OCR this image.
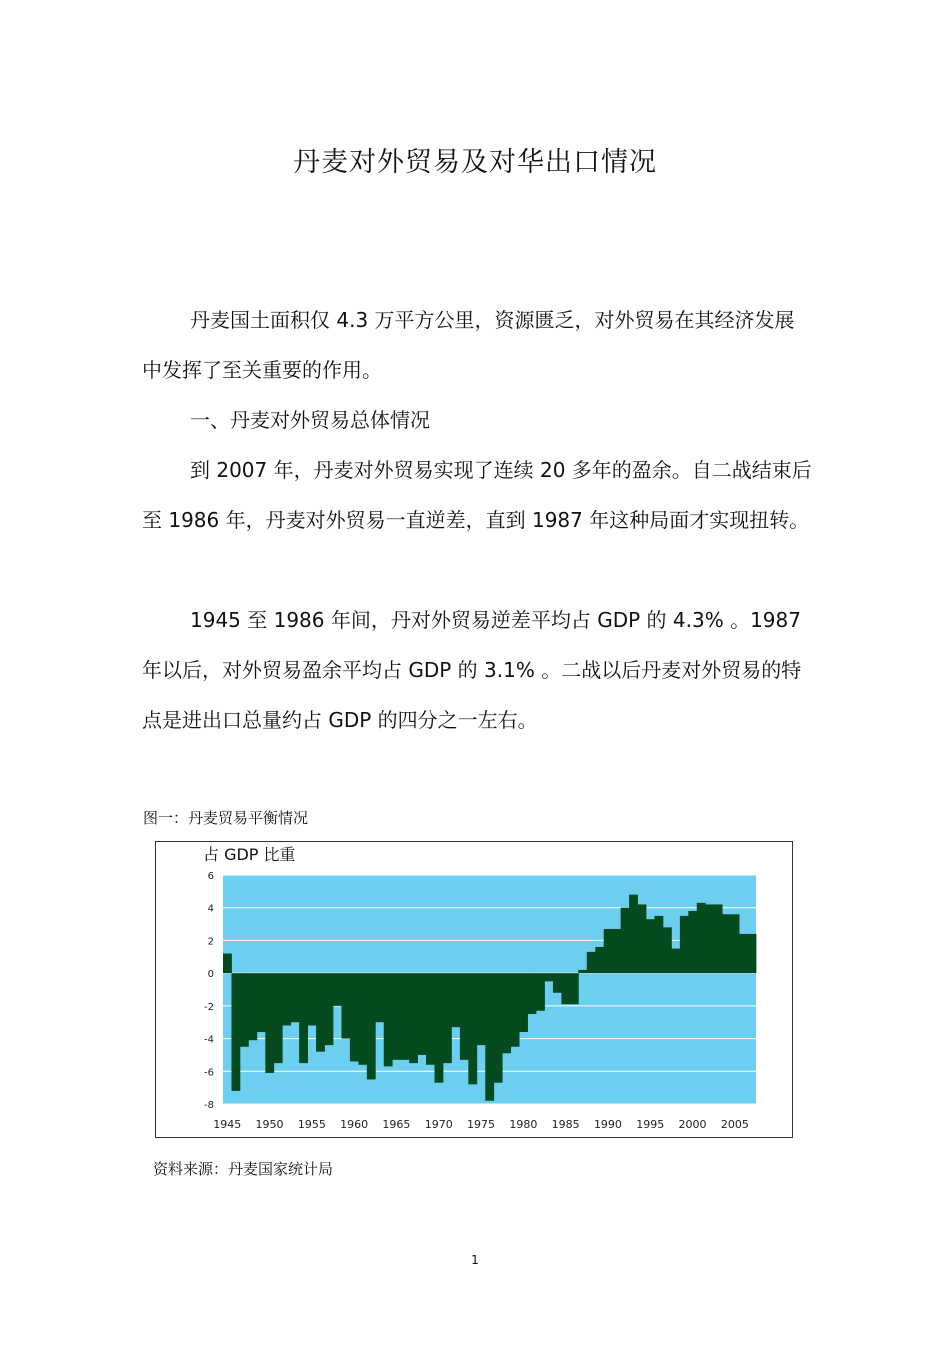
丹麦对外贸易及对华出口情况
丹麦国土面积仅 4.3 万平方公里，资源匮乏，对外贸易在其经济发展中发挥了至关重要的作用。
一、丹麦对外贸易总体情况
到 2007 年，丹麦对外贸易实现了连续 20 多年的盈余。自二战结束后至 1986 年，丹麦对外贸易一直逆差，直到 1987 年这种局面才实现扭转。
1945 至 1986 年间，丹对外贸易逆差平均占 GDP 的 4.3% 。1987 年以后，对外贸易盈余平均占 GDP 的 3.1% 。二战以后丹麦对外贸易的特点是进出口总量约占 GDP 的四分之一左右。
图一：丹麦贸易平衡情况
6
4
2
0
-2
-4
-6
-8
1945 1950 1955 1960 1965 1970 1975 1980 1985 1990 1995 2000 2005
占 GDP 比重
资料来源：丹麦国家统计局
1
